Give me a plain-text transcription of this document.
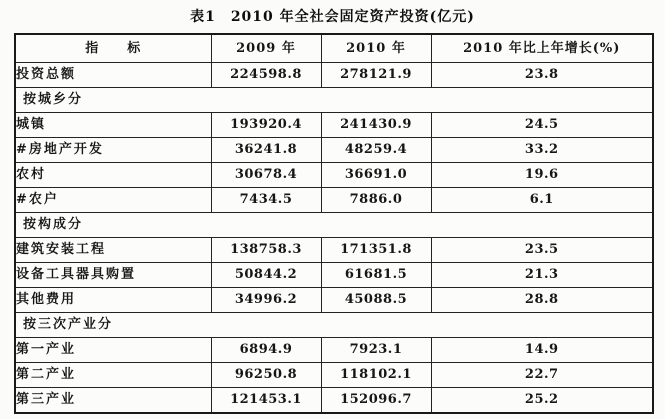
表1　2010 年全社会固定资产投资(亿元)
指　　标	2009 年	2010 年	2010 年比上年增长(%)
投资总额	224598.8	278121.9	23.8
按城乡分			
城镇	193920.4	241430.9	24.5
#房地产开发	36241.8	48259.4	33.2
农村	30678.4	36691.0	19.6
#农户	7434.5	7886.0	6.1
按构成分			
建筑安装工程	138758.3	171351.8	23.5
设备工具器具购置	50844.2	61681.5	21.3
其他费用	34996.2	45088.5	28.8
按三次产业分			
第一产业	6894.9	7923.1	14.9
第二产业	96250.8	118102.1	22.7
第三产业	121453.1	152096.7	25.2
